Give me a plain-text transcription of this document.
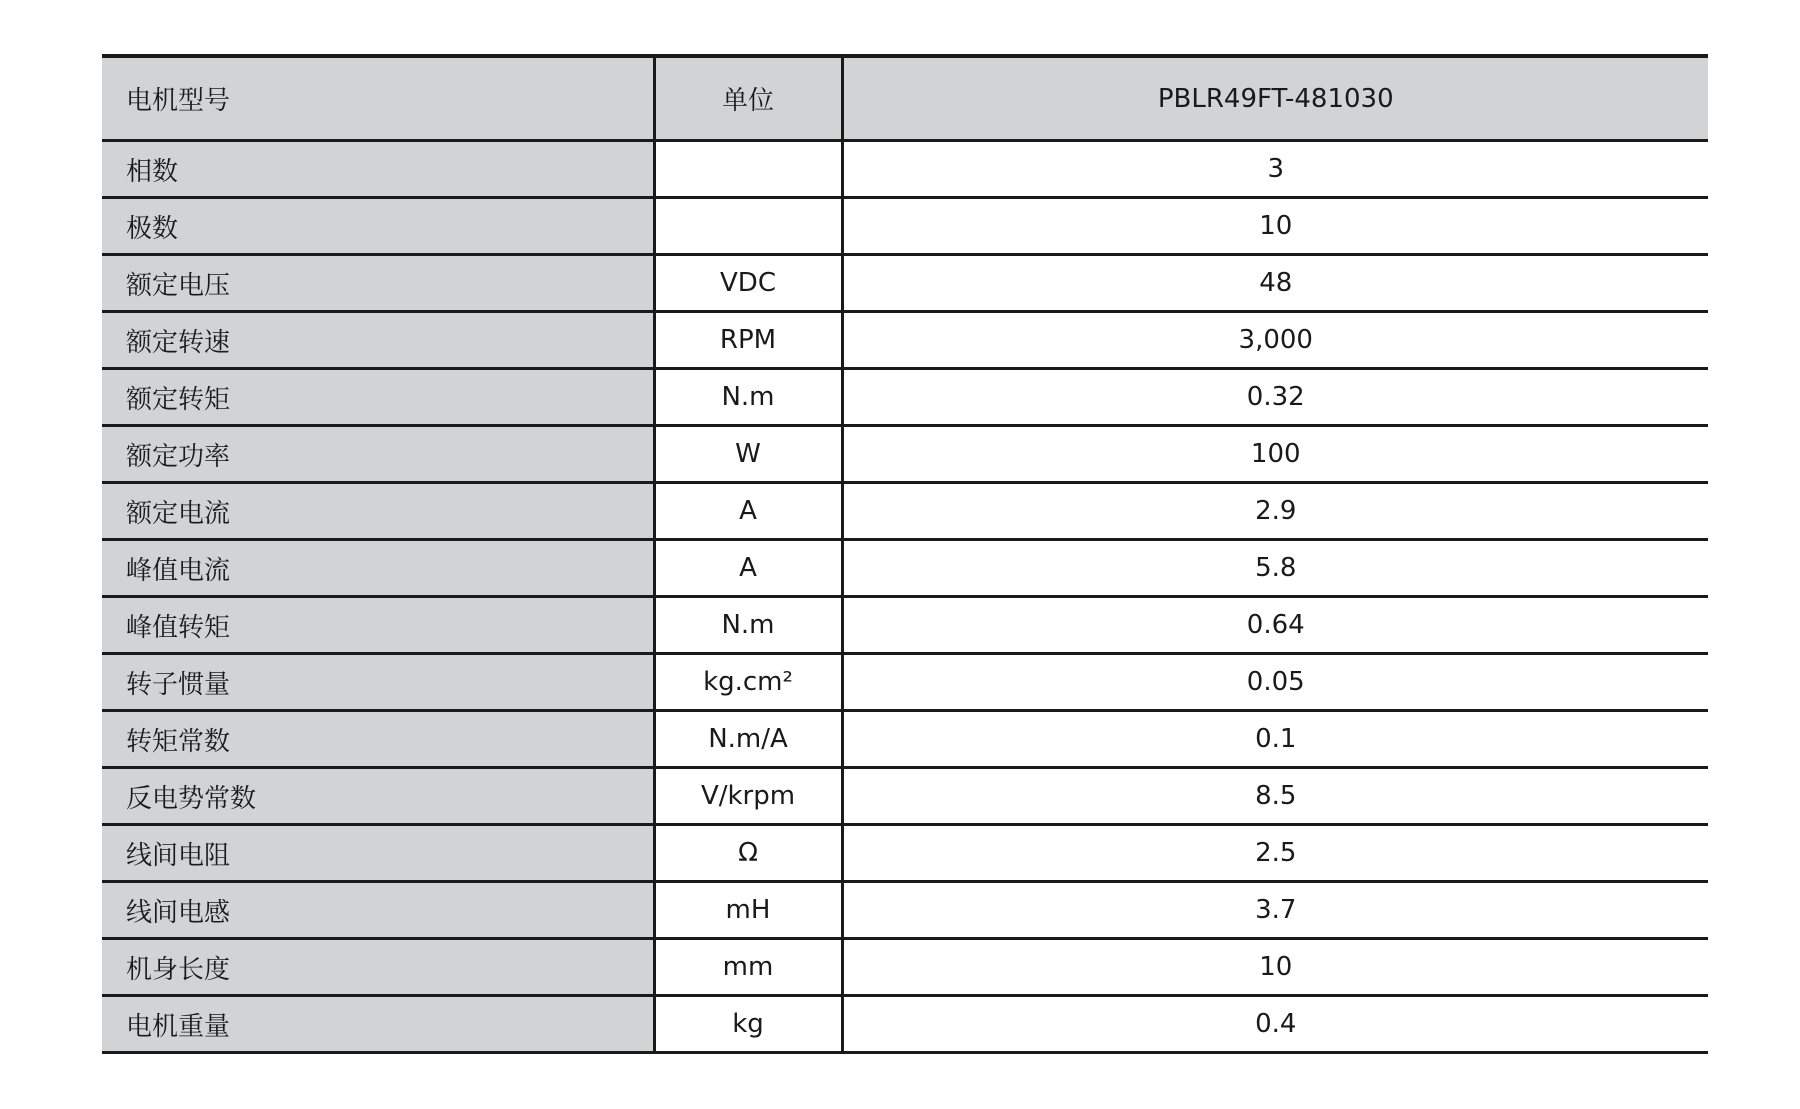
电机型号	单位	PBLR49FT-481030
相数		3
极数		10
额定电压	VDC	48
额定转速	RPM	3,000
额定转矩	N.m	0.32
额定功率	W	100
额定电流	A	2.9
峰值电流	A	5.8
峰值转矩	N.m	0.64
转子惯量	kg.cm²	0.05
转矩常数	N.m/A	0.1
反电势常数	V/krpm	8.5
线间电阻	Ω	2.5
线间电感	mH	3.7
机身长度	mm	10
电机重量	kg	0.4
